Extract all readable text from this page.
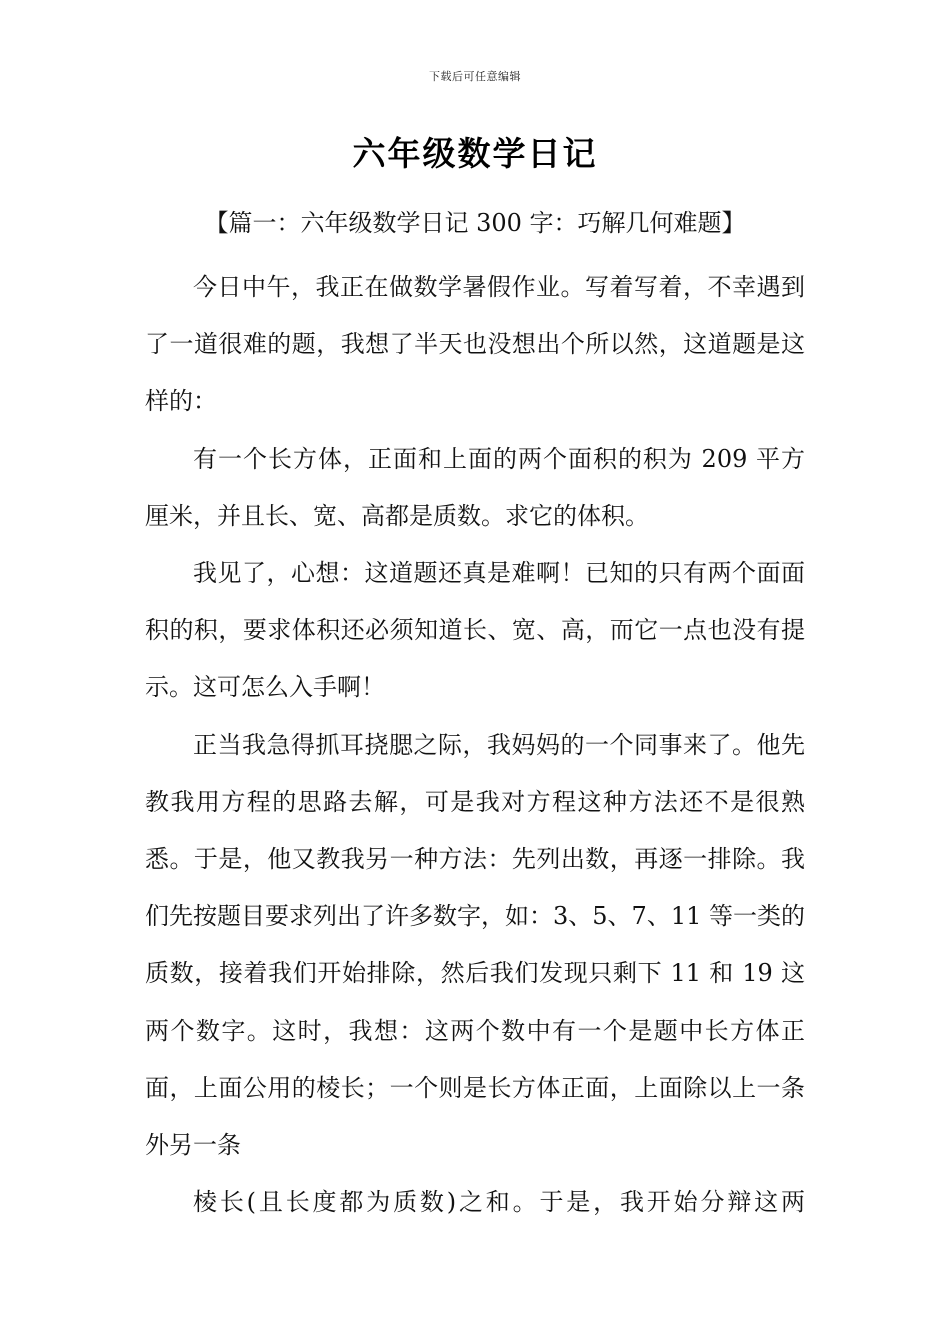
下载后可任意编辑
六年级数学日记
【篇一：六年级数学日记 300 字：巧解几何难题】

今日中午，我正在做数学暑假作业。写着写着，不幸遇到了一道很难的题，我想了半天也没想出个所以然，这道题是这样的：

有一个长方体，正面和上面的两个面积的积为 209 平方厘米，并且长、宽、高都是质数。求它的体积。

我见了，心想：这道题还真是难啊！已知的只有两个面面积的积，要求体积还必须知道长、宽、高，而它一点也没有提示。这可怎么入手啊！

正当我急得抓耳挠腮之际，我妈妈的一个同事来了。他先教我用方程的思路去解，可是我对方程这种方法还不是很熟悉。于是，他又教我另一种方法：先列出数，再逐一排除。我们先按题目要求列出了许多数字，如：3、5、7、11 等一类的质数，接着我们开始排除，然后我们发现只剩下 11 和 19 这两个数字。这时，我想：这两个数中有一个是题中长方体正面，上面公用的棱长；一个则是长方体正面，上面除以上一条外另一条

棱长(且长度都为质数)之和。于是，我开始分辩这两
